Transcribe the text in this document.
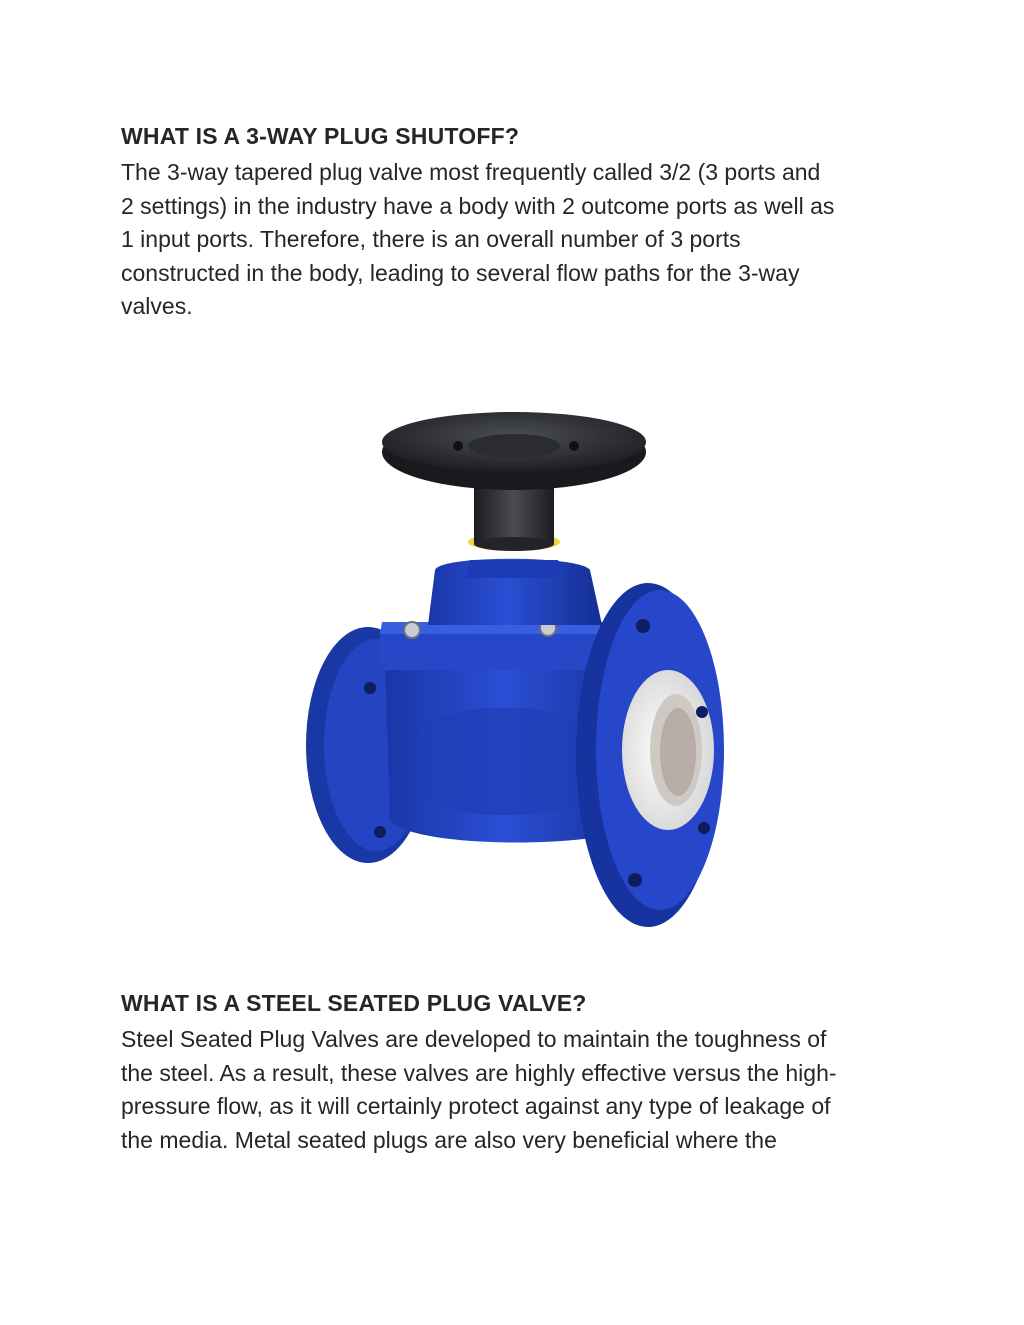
WHAT IS A 3-WAY PLUG SHUTOFF?
The 3-way tapered plug valve most frequently called 3/2 (3 ports and
2 settings) in the industry have a body with 2 outcome ports as well as
1 input ports. Therefore, there is an overall number of 3 ports
constructed in the body, leading to several flow paths for the 3-way
valves.
WHAT IS A STEEL SEATED PLUG VALVE?
Steel Seated Plug Valves are developed to maintain the toughness of
the steel. As a result, these valves are highly effective versus the high-
pressure flow, as it will certainly protect against any type of leakage of
the media. Metal seated plugs are also very beneficial where the
